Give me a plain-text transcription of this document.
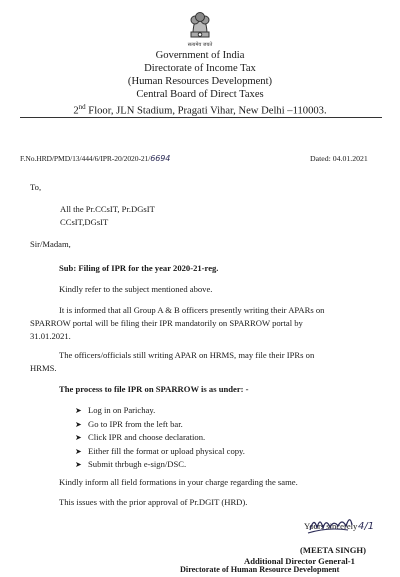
सत्यमेव जयते
Government of India
Directorate of Income Tax
(Human Resources Development)
Central Board of Direct Taxes
2nd Floor, JLN Stadium, Pragati Vihar, New Delhi –110003.
F.No.HRD/PMD/13/444/6/IPR-20/2020-21/6694	Dated: 04.01.2021
To,
All the Pr.CCsIT, Pr.DGsIT
CCsIT,DGsIT
Sir/Madam,
Sub: Filing of IPR for the year 2020-21-reg.
Kindly refer to the subject mentioned above.
It is informed that all Group A & B officers presently writing their APARs on
SPARROW portal will be filing their IPR mandatorily on SPARROW portal by
31.01.2021.
The officers/officials still writing APAR on HRMS, may file their IPRs on
HRMS.
The process to file IPR on SPARROW is as under: -
➤ Log in on Parichay.
➤ Go to IPR from the left bar.
➤ Click IPR and choose declaration.
➤ Either fill the format or upload physical copy.
➤ Submit thrbugh e-sign/DSC.
Kindly inform all field formations in your charge regarding the same.
This issues with the prior approval of Pr.DGIT (HRD).
Yours sincerely 4/1
(MEETA SINGH)
Additional Director General-1
Directorate of Human Resource Development
